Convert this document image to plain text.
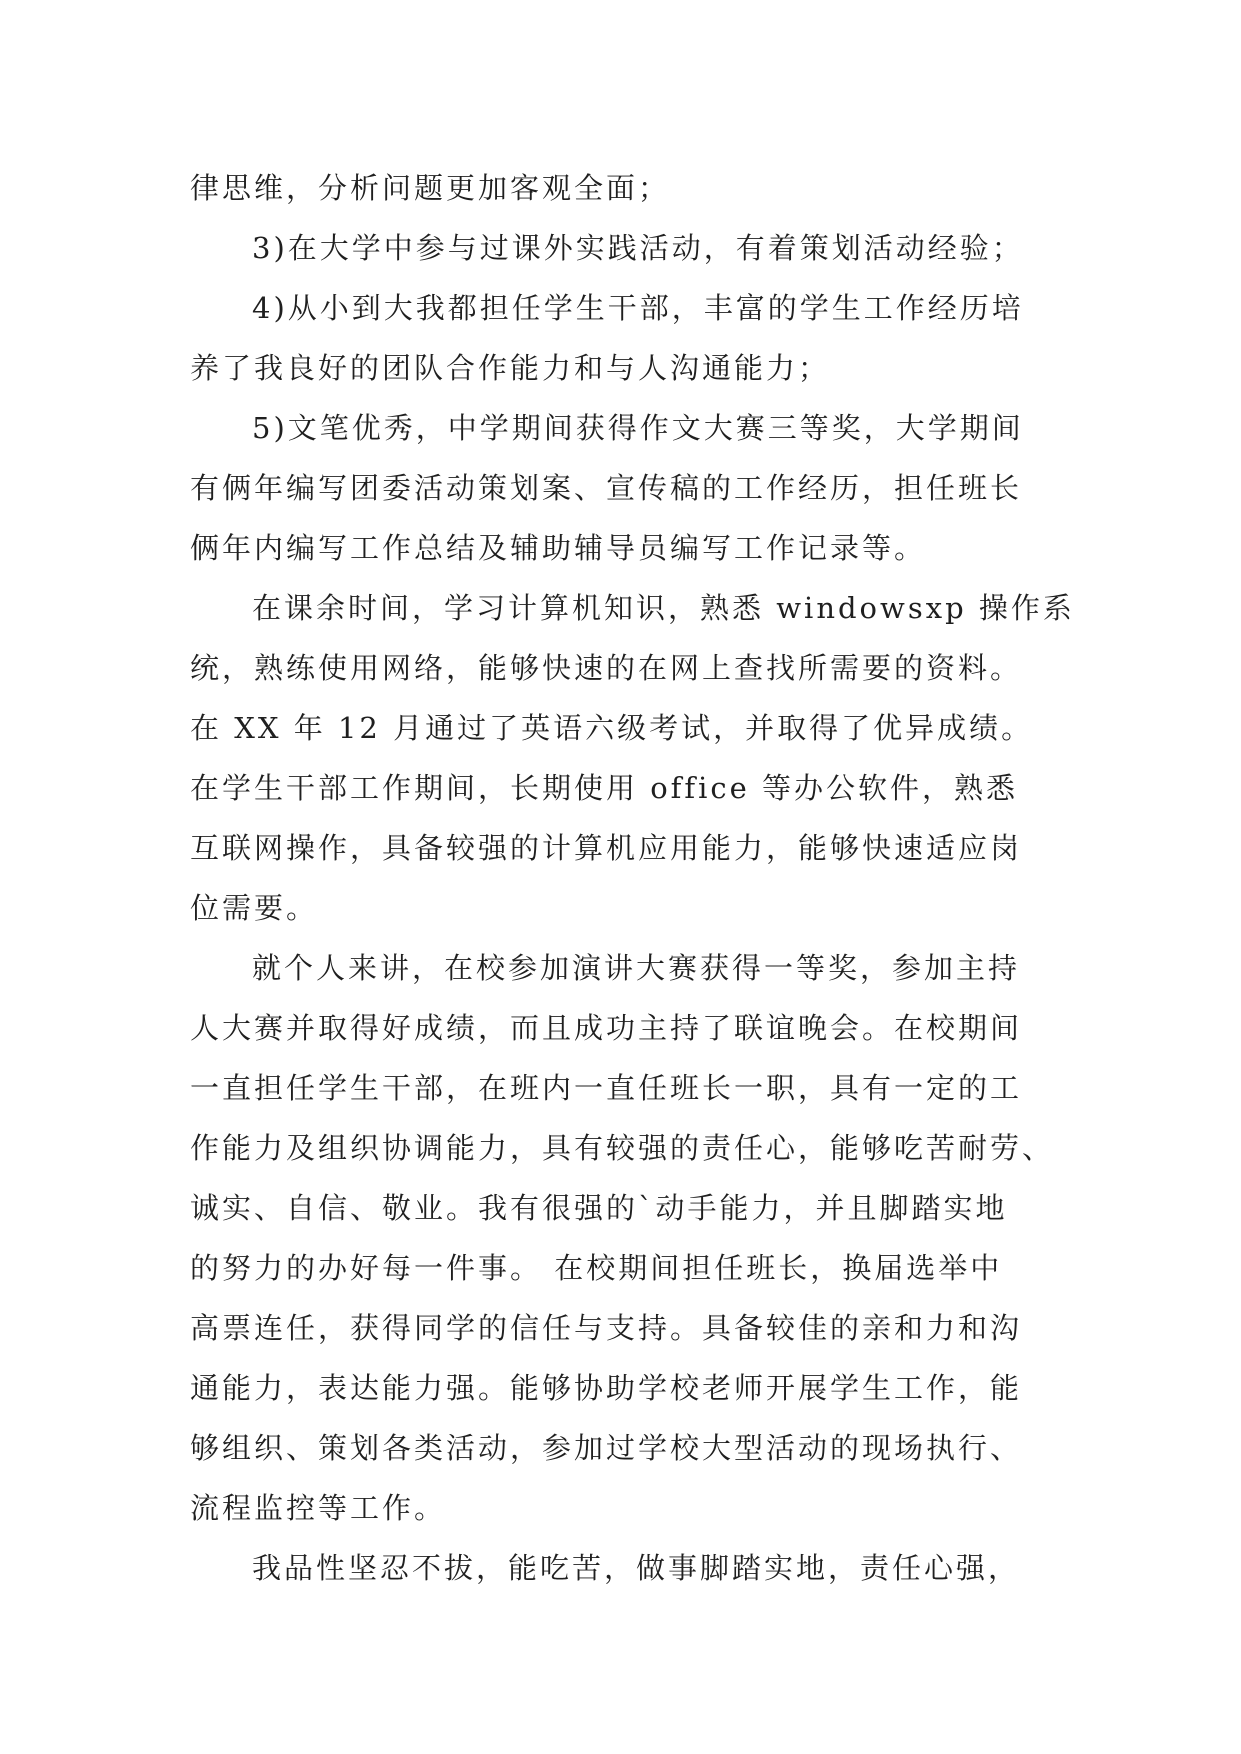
律思维，分析问题更加客观全面；
3)在大学中参与过课外实践活动，有着策划活动经验；
4)从小到大我都担任学生干部，丰富的学生工作经历培
养了我良好的团队合作能力和与人沟通能力；
5)文笔优秀，中学期间获得作文大赛三等奖，大学期间
有俩年编写团委活动策划案、宣传稿的工作经历，担任班长
俩年内编写工作总结及辅助辅导员编写工作记录等。
在课余时间，学习计算机知识，熟悉 windowsxp 操作系
统，熟练使用网络，能够快速的在网上查找所需要的资料。
在 XX 年 12 月通过了英语六级考试，并取得了优异成绩。
在学生干部工作期间，长期使用 office 等办公软件，熟悉
互联网操作，具备较强的计算机应用能力，能够快速适应岗
位需要。
就个人来讲，在校参加演讲大赛获得一等奖，参加主持
人大赛并取得好成绩，而且成功主持了联谊晚会。在校期间
一直担任学生干部，在班内一直任班长一职，具有一定的工
作能力及组织协调能力，具有较强的责任心，能够吃苦耐劳、
诚实、自信、敬业。我有很强的`动手能力，并且脚踏实地
的努力的办好每一件事。 在校期间担任班长，换届选举中
高票连任，获得同学的信任与支持。具备较佳的亲和力和沟
通能力，表达能力强。能够协助学校老师开展学生工作，能
够组织、策划各类活动，参加过学校大型活动的现场执行、
流程监控等工作。
我品性坚忍不拔，能吃苦，做事脚踏实地，责任心强，
